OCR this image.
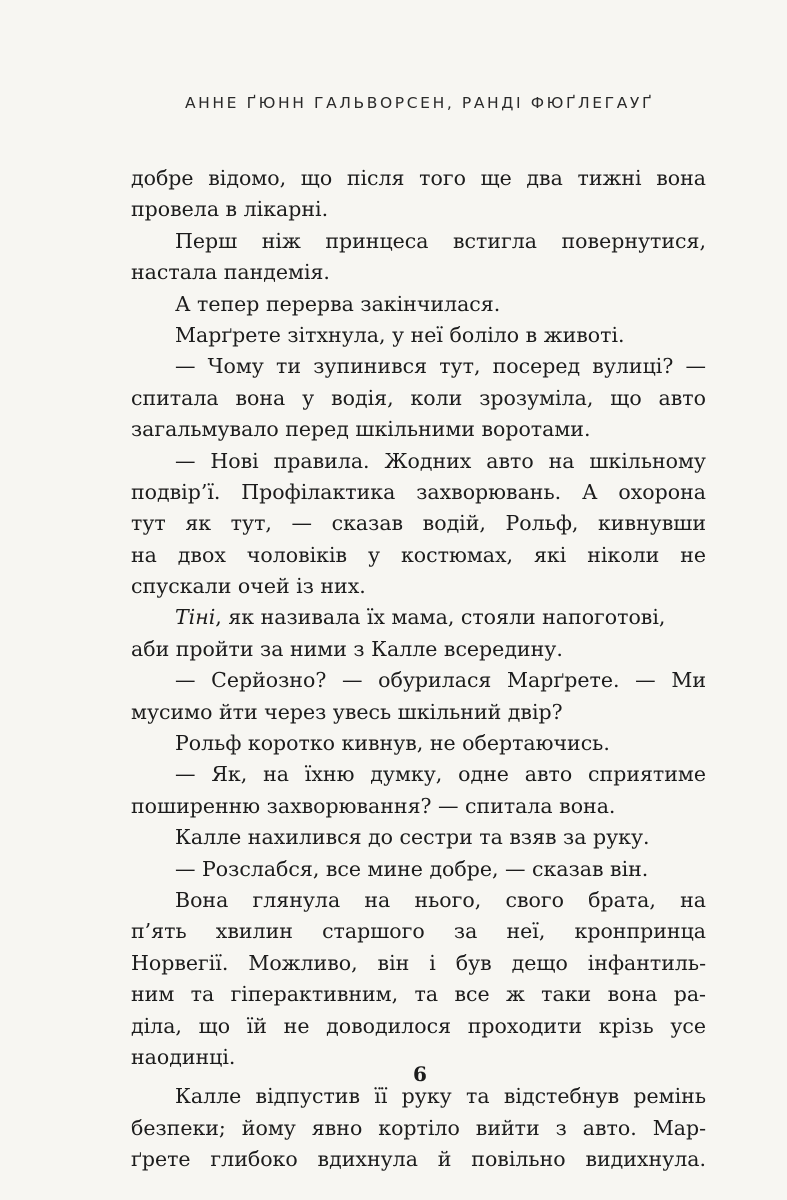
АННЕ ҐЮНН ГАЛЬВОРСЕН, РАНДІ ФЮҐЛЕГАУҐ
добре відомо, що після того ще два тижні вона
провела в лікарні.
Перш ніж принцеса встигла повернутися,
настала пандемія.
А тепер перерва закінчилася.
Марґрете зітхнула, у неї боліло в животі.
— Чому ти зупинився тут, посеред вулиці? —
спитала вона у водія, коли зрозуміла, що авто
загальмувало перед шкільними воротами.
— Нові правила. Жодних авто на шкільному
подвір’ї. Профілактика захворювань. А охорона
тут як тут, — сказав водій, Рольф, кивнувши
на двох чоловіків у костюмах, які ніколи не
спускали очей із них.
Тіні, як називала їх мама, стояли напоготові,
аби пройти за ними з Калле всередину.
— Серйозно? — обурилася Марґрете. — Ми
мусимо йти через увесь шкільний двір?
Рольф коротко кивнув, не обертаючись.
— Як, на їхню думку, одне авто сприятиме
поширенню захворювання? — спитала вона.
Калле нахилився до сестри та взяв за руку.
— Розслабся, все мине добре, — сказав він.
Вона глянула на нього, свого брата, на
п’ять хвилин старшого за неї, кронпринца
Норвегії. Можливо, він і був дещо інфантиль-
ним та гіперактивним, та все ж таки вона ра-
діла, що їй не доводилося проходити крізь усе
наодинці.
Калле відпустив її руку та відстебнув ремінь
безпеки; йому явно кортіло вийти з авто. Мар-
ґрете глибоко вдихнула й повільно видихнула.
6
